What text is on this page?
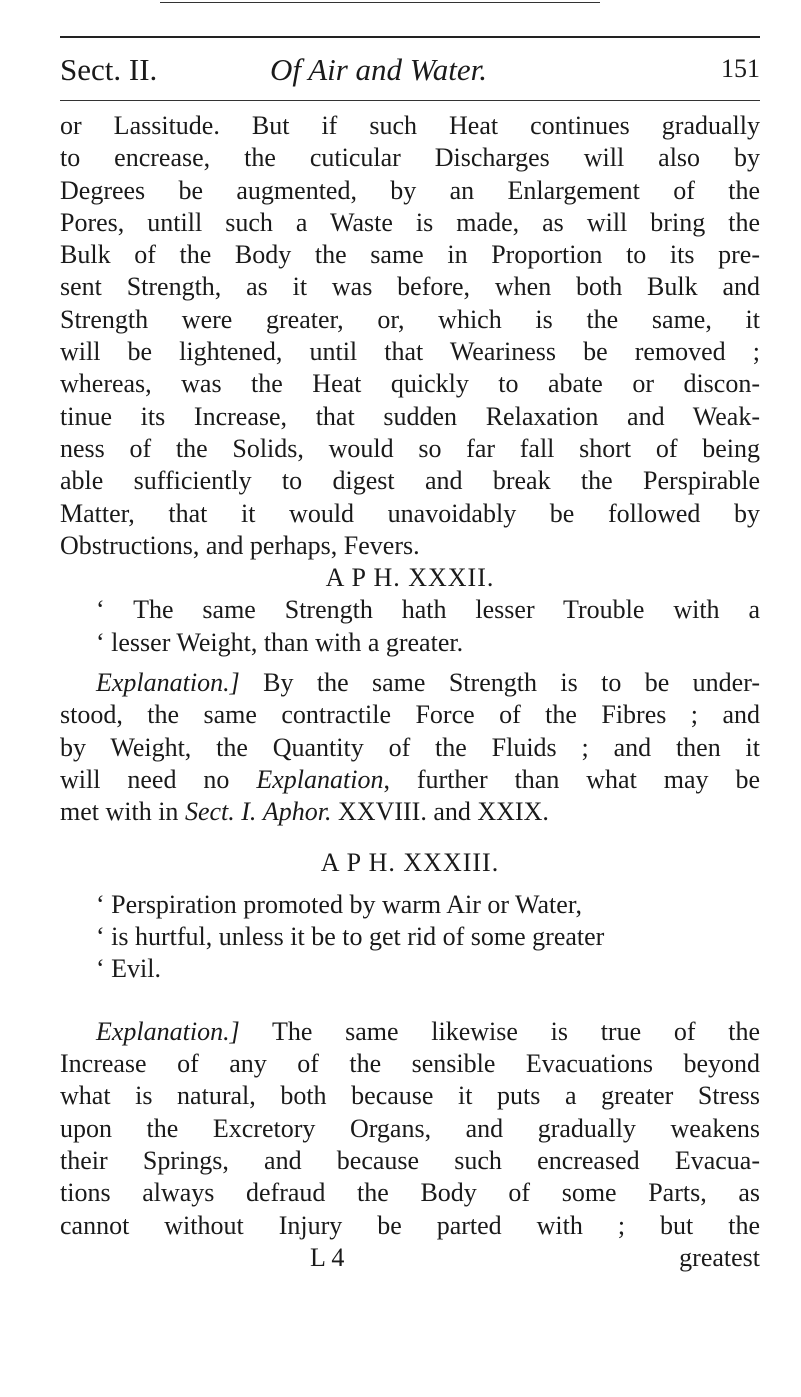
Sect. II.	Of Air and Water.	151
or Lassitude. But if such Heat continues gradually
to encrease, the cuticular Discharges will also by
Degrees be augmented, by an Enlargement of the
Pores, untill such a Waste is made, as will bring the
Bulk of the Body the same in Proportion to its pre-
sent Strength, as it was before, when both Bulk and
Strength were greater, or, which is the same, it
will be lightened, until that Weariness be removed ;
whereas, was the Heat quickly to abate or discon-
tinue its Increase, that sudden Relaxation and Weak-
ness of the Solids, would so far fall short of being
able sufficiently to digest and break the Perspirable
Matter, that it would unavoidably be followed by
Obstructions, and perhaps, Fevers.
A P H. XXXII.
‘ The same Strength hath lesser Trouble with a
‘ lesser Weight, than with a greater.
Explanation.] By the same Strength is to be under-
stood, the same contractile Force of the Fibres ; and
by Weight, the Quantity of the Fluids ; and then it
will need no Explanation, further than what may be
met with in Sect. I. Aphor. XXVIII. and XXIX.
A P H. XXXIII.
‘ Perspiration promoted by warm Air or Water,
‘ is hurtful, unless it be to get rid of some greater
‘ Evil.
Explanation.] The same likewise is true of the
Increase of any of the sensible Evacuations beyond
what is natural, both because it puts a greater Stress
upon the Excretory Organs, and gradually weakens
their Springs, and because such encreased Evacua-
tions always defraud the Body of some Parts, as
cannot without Injury be parted with ; but the
L 4	greatest
